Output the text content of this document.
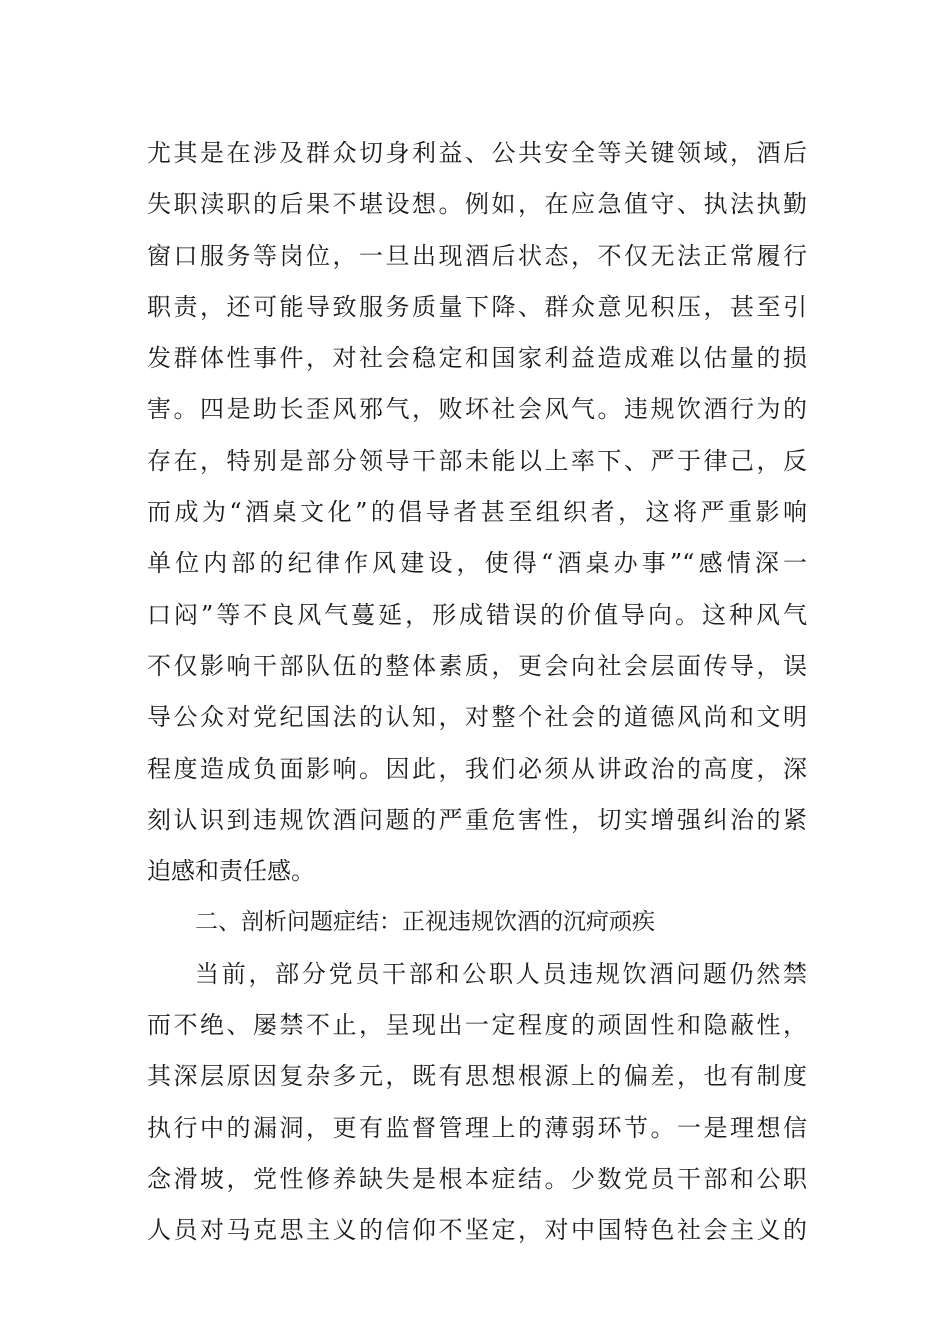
尤其是在涉及群众切身利益、公共安全等关键领域，酒后
失职渎职的后果不堪设想。例如，在应急值守、执法执勤
窗口服务等岗位，一旦出现酒后状态，不仅无法正常履行
职责，还可能导致服务质量下降、群众意见积压，甚至引
发群体性事件，对社会稳定和国家利益造成难以估量的损
害。四是助长歪风邪气，败坏社会风气。违规饮酒行为的
存在，特别是部分领导干部未能以上率下、严于律己，反
而成为“酒桌文化”的倡导者甚至组织者，这将严重影响
单位内部的纪律作风建设，使得“酒桌办事”“感情深一
口闷”等不良风气蔓延，形成错误的价值导向。这种风气
不仅影响干部队伍的整体素质，更会向社会层面传导，误
导公众对党纪国法的认知，对整个社会的道德风尚和文明
程度造成负面影响。因此，我们必须从讲政治的高度，深
刻认识到违规饮酒问题的严重危害性，切实增强纠治的紧
迫感和责任感。
二、剖析问题症结：正视违规饮酒的沉疴顽疾
当前，部分党员干部和公职人员违规饮酒问题仍然禁
而不绝、屡禁不止，呈现出一定程度的顽固性和隐蔽性，
其深层原因复杂多元，既有思想根源上的偏差，也有制度
执行中的漏洞，更有监督管理上的薄弱环节。一是理想信
念滑坡，党性修养缺失是根本症结。少数党员干部和公职
人员对马克思主义的信仰不坚定，对中国特色社会主义的
